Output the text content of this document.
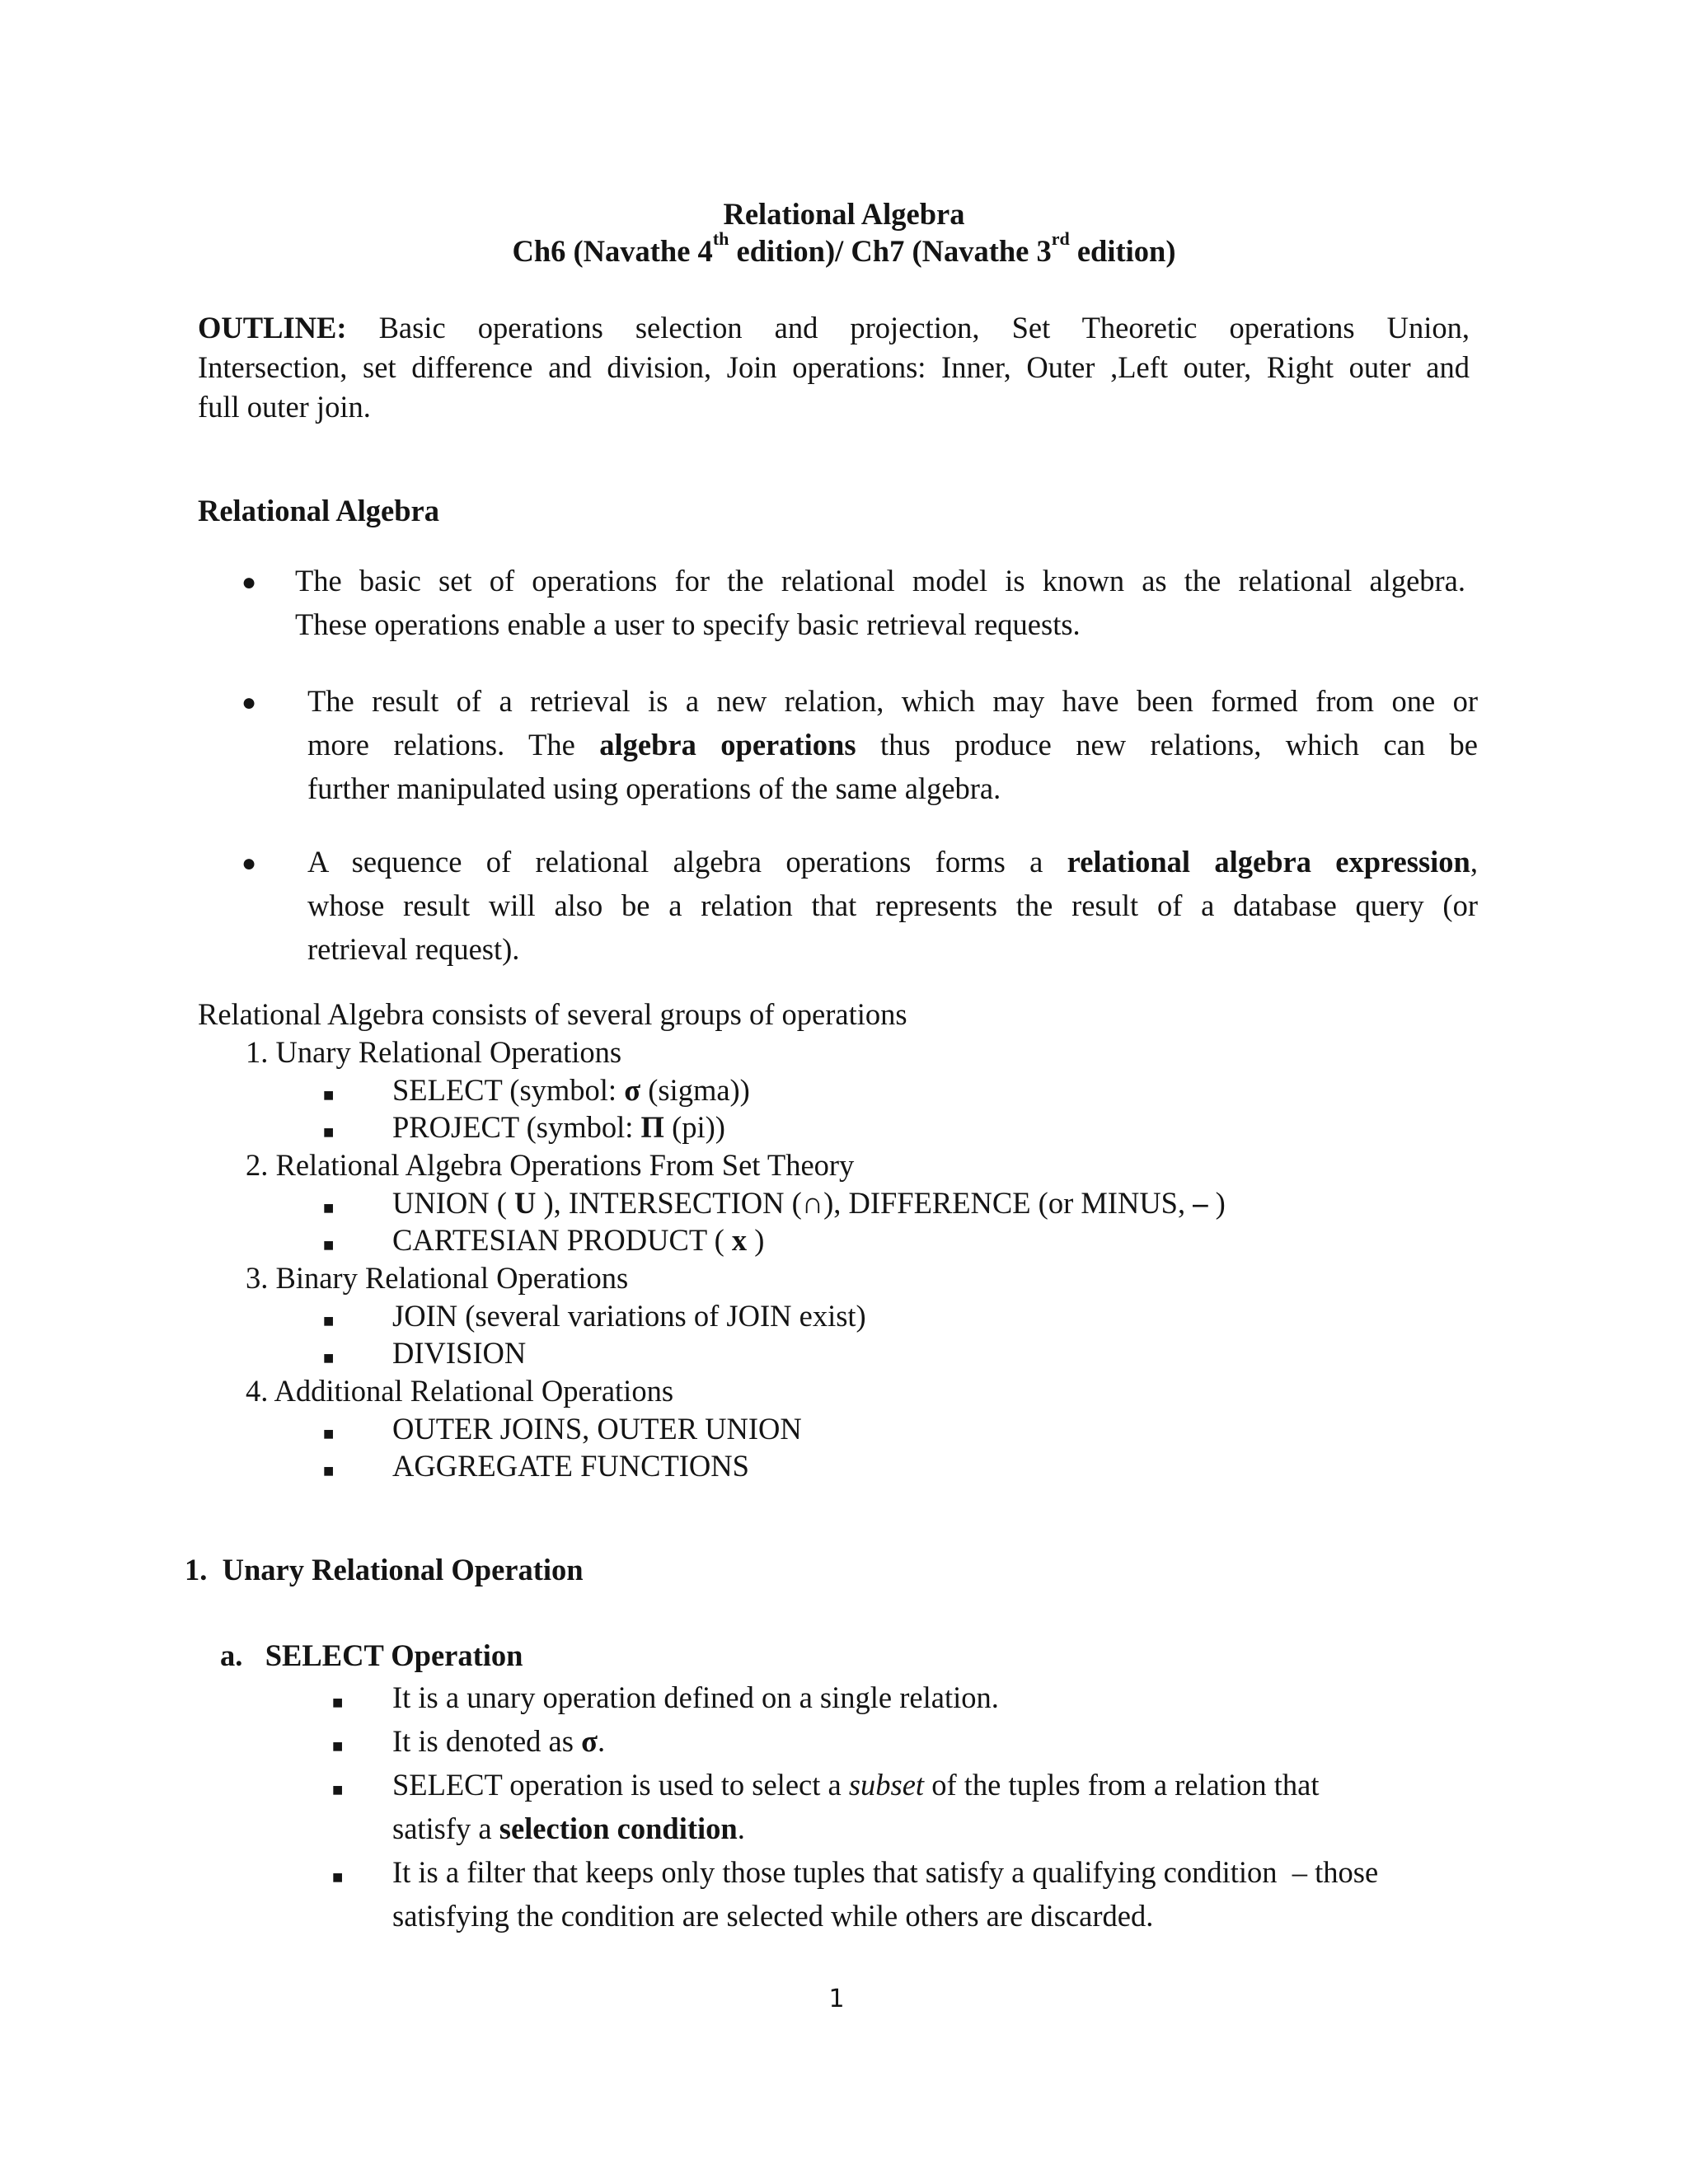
Relational Algebra
Ch6 (Navathe 4th edition)/ Ch7 (Navathe 3rd edition)
OUTLINE: Basic operations selection and projection, Set Theoretic operations Union,
Intersection, set difference and division, Join operations: Inner, Outer ,Left outer, Right outer and
full outer join.
Relational Algebra
● The basic set of operations for the relational model is known as the relational algebra.
These operations enable a user to specify basic retrieval requests.
● The result of a retrieval is a new relation, which may have been formed from one or
more relations. The algebra operations thus produce new relations, which can be
further manipulated using operations of the same algebra.
● A sequence of relational algebra operations forms a relational algebra expression,
whose result will also be a relation that represents the result of a database query (or
retrieval request).
Relational Algebra consists of several groups of operations
1. Unary Relational Operations
■ SELECT (symbol: σ (sigma))
■ PROJECT (symbol: Π (pi))
2. Relational Algebra Operations From Set Theory
■ UNION ( U ), INTERSECTION (∩), DIFFERENCE (or MINUS, – )
■ CARTESIAN PRODUCT ( x )
3. Binary Relational Operations
■ JOIN (several variations of JOIN exist)
■ DIVISION
4. Additional Relational Operations
■ OUTER JOINS, OUTER UNION
■ AGGREGATE FUNCTIONS
1.  Unary Relational Operation
a.   SELECT Operation
■ It is a unary operation defined on a single relation.
■ It is denoted as σ.
■ SELECT operation is used to select a subset of the tuples from a relation that
satisfy a selection condition.
■ It is a filter that keeps only those tuples that satisfy a qualifying condition  – those
satisfying the condition are selected while others are discarded.
1
